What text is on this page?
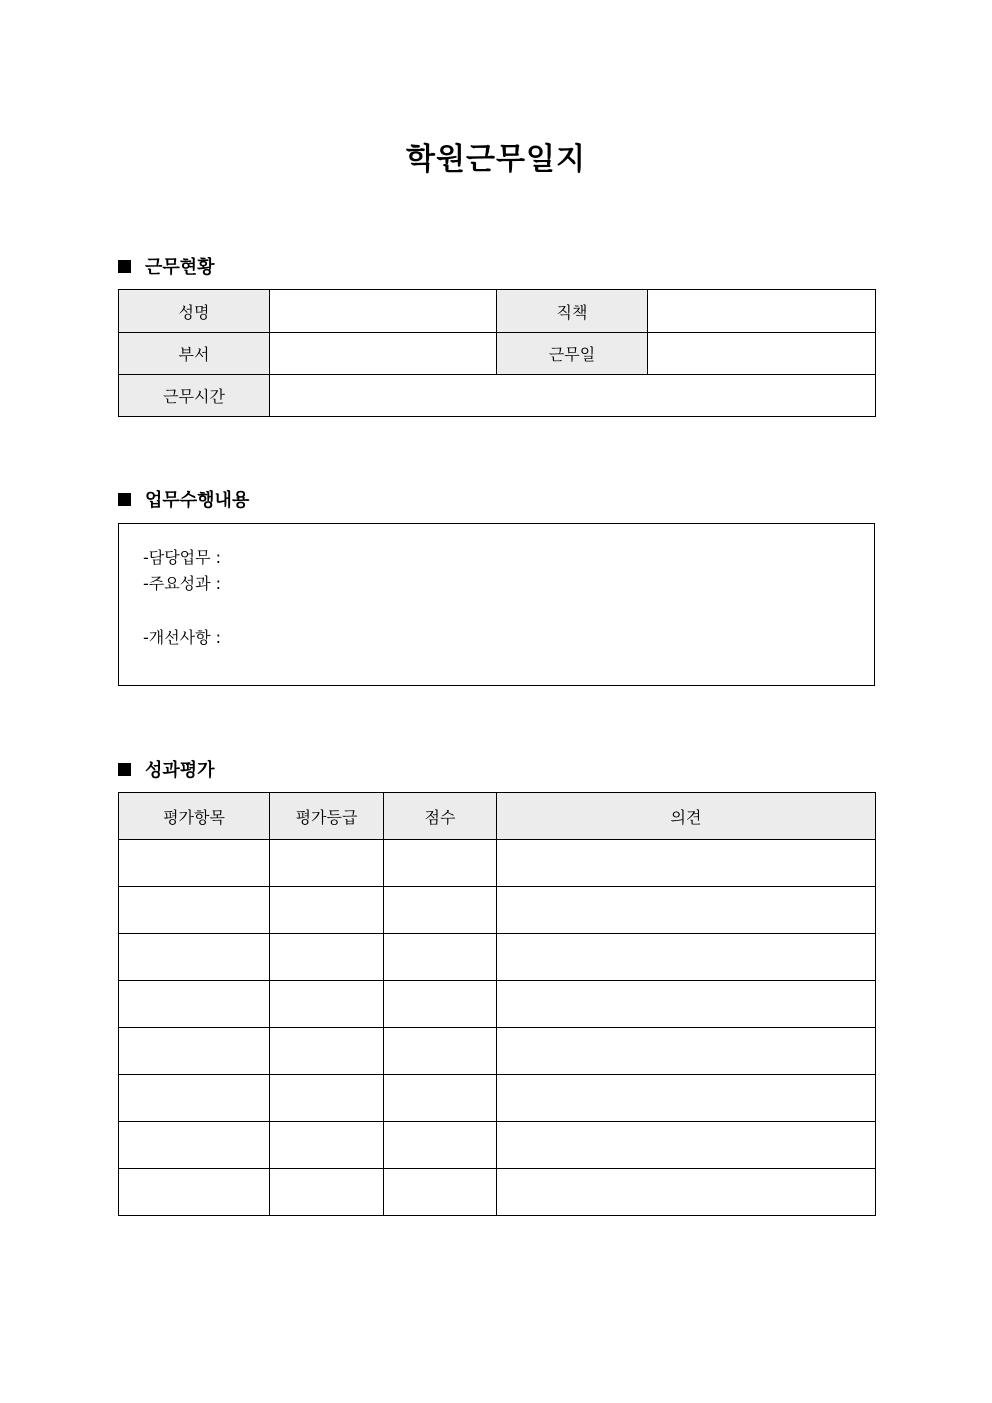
학원근무일지
근무현황
성명		직책	
부서		근무일	
근무시간			
업무수행내용
-담당업무 :
-주요성과 :
-개선사항 :
성과평가
평가항목	평가등급	점수	의견
